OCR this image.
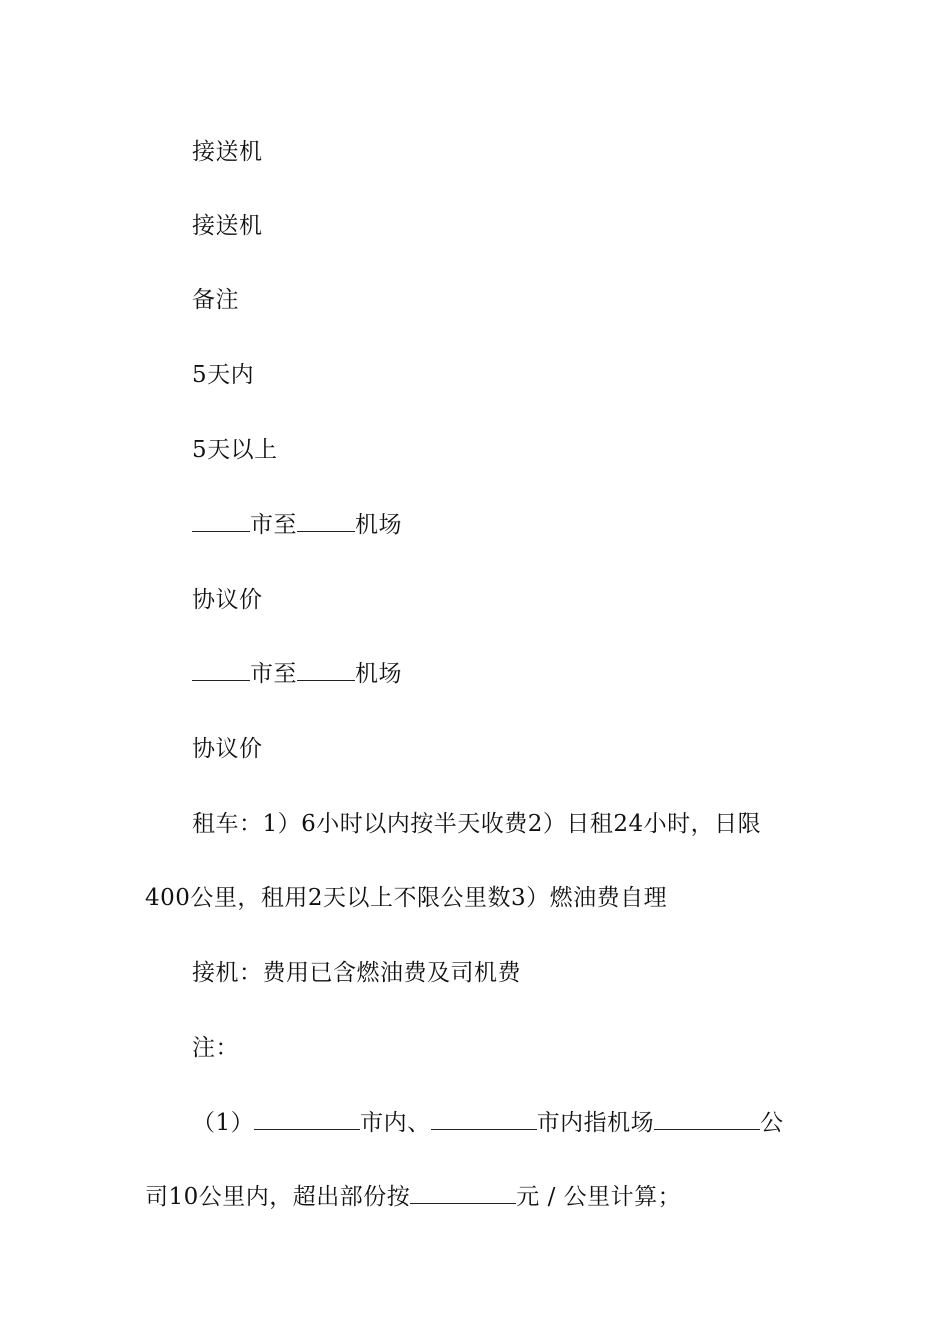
接送机
接送机
备注
5天内
5天以上
市至	机场
协议价
市至	机场
协议价
租车：1）6小时以内按半天收费2）日租24小时，日限
400公里，租用2天以上不限公里数3）燃油费自理
接机：费用已含燃油费及司机费
注：
（1）	市内、	市内指机场	公
司10公里内，超出部份按	元 / 公里计算；
